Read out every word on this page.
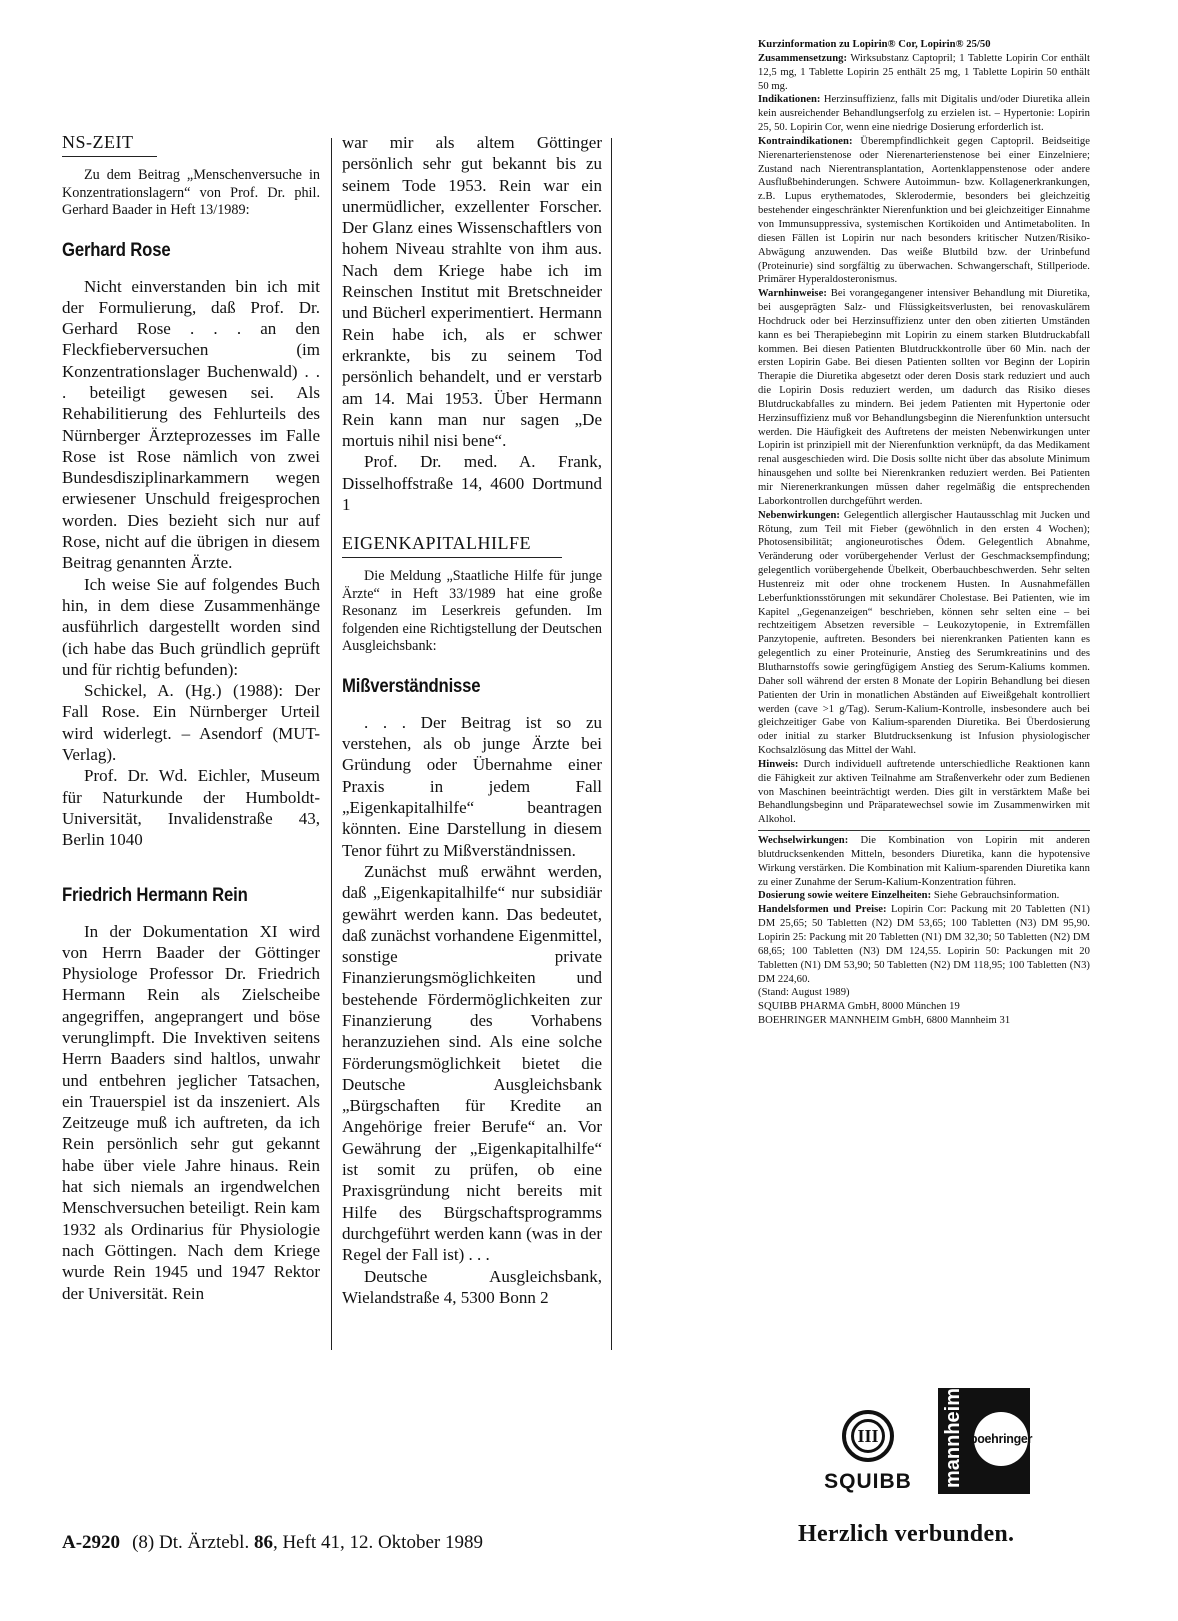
NS-ZEIT

Zu dem Beitrag „Menschenversuche in Konzentrationslagern“ von Prof. Dr. phil. Gerhard Baader in Heft 13/1989:

Gerhard Rose

Nicht einverstanden bin ich mit der Formulierung, daß Prof. Dr. Gerhard Rose . . . an den Fleckfieberversuchen (im Konzentrationslager Buchenwald) . . . beteiligt gewesen sei. Als Rehabilitierung des Fehlurteils des Nürnberger Ärzteprozesses im Falle Rose ist Rose nämlich von zwei Bundesdisziplinarkammern wegen erwiesener Unschuld freigesprochen worden. Dies bezieht sich nur auf Rose, nicht auf die übrigen in diesem Beitrag genannten Ärzte.

Ich weise Sie auf folgendes Buch hin, in dem diese Zusammenhänge ausführlich dargestellt worden sind (ich habe das Buch gründlich geprüft und für richtig befunden):

Schickel, A. (Hg.) (1988): Der Fall Rose. Ein Nürnberger Urteil wird widerlegt. – Asendorf (MUT-Verlag).

Prof. Dr. Wd. Eichler, Museum für Naturkunde der Humboldt-Universität, Invalidenstraße 43, Berlin 1040

Friedrich Hermann Rein

In der Dokumentation XI wird von Herrn Baader der Göttinger Physiologe Professor Dr. Friedrich Hermann Rein als Zielscheibe angegriffen, angeprangert und böse verunglimpft. Die Invektiven seitens Herrn Baaders sind haltlos, unwahr und entbehren jeglicher Tatsachen, ein Trauerspiel ist da inszeniert. Als Zeitzeuge muß ich auftreten, da ich Rein persönlich sehr gut gekannt habe über viele Jahre hinaus. Rein hat sich niemals an irgendwelchen Menschversuchen beteiligt. Rein kam 1932 als Ordinarius für Physiologie nach Göttingen. Nach dem Kriege wurde Rein 1945 und 1947 Rektor der Universität. Rein

war mir als altem Göttinger persönlich sehr gut bekannt bis zu seinem Tode 1953. Rein war ein unermüdlicher, exzellenter Forscher. Der Glanz eines Wissenschaftlers von hohem Niveau strahlte von ihm aus. Nach dem Kriege habe ich im Reinschen Institut mit Bretschneider und Bücherl experimentiert. Hermann Rein habe ich, als er schwer erkrankte, bis zu seinem Tod persönlich behandelt, und er verstarb am 14. Mai 1953. Über Hermann Rein kann man nur sagen „De mortuis nihil nisi bene“.

Prof. Dr. med. A. Frank, Disselhoffstraße 14, 4600 Dortmund 1

EIGENKAPITALHILFE

Die Meldung „Staatliche Hilfe für junge Ärzte“ in Heft 33/1989 hat eine große Resonanz im Leserkreis gefunden. Im folgenden eine Richtigstellung der Deutschen Ausgleichsbank:

Mißverständnisse

. . . Der Beitrag ist so zu verstehen, als ob junge Ärzte bei Gründung oder Übernahme einer Praxis in jedem Fall „Eigenkapitalhilfe“ beantragen könnten. Eine Darstellung in diesem Tenor führt zu Mißverständnissen.

Zunächst muß erwähnt werden, daß „Eigenkapitalhilfe“ nur subsidiär gewährt werden kann. Das bedeutet, daß zunächst vorhandene Eigenmittel, sonstige private Finanzierungsmöglichkeiten und bestehende Fördermöglichkeiten zur Finanzierung des Vorhabens heranzuziehen sind. Als eine solche Förderungsmöglichkeit bietet die Deutsche Ausgleichsbank „Bürgschaften für Kredite an Angehörige freier Berufe“ an. Vor Gewährung der „Eigenkapitalhilfe“ ist somit zu prüfen, ob eine Praxisgründung nicht bereits mit Hilfe des Bürgschaftsprogramms durchgeführt werden kann (was in der Regel der Fall ist) . . .

Deutsche Ausgleichsbank, Wielandstraße 4, 5300 Bonn 2

Kurzinformation zu Lopirin® Cor, Lopirin® 25/50

Zusammensetzung: Wirksubstanz Captopril; 1 Tablette Lopirin Cor enthält 12,5 mg, 1 Tablette Lopirin 25 enthält 25 mg, 1 Tablette Lopirin 50 enthält 50 mg.

Indikationen: Herzinsuffizienz, falls mit Digitalis und/oder Diuretika allein kein ausreichender Behandlungserfolg zu erzielen ist. – Hypertonie: Lopirin 25, 50. Lopirin Cor, wenn eine niedrige Dosierung erforderlich ist.

Kontraindikationen: Überempfindlichkeit gegen Captopril. Beidseitige Nierenarterienstenose oder Nierenarterienstenose bei einer Einzelniere; Zustand nach Nierentransplantation, Aortenklappenstenose oder andere Ausflußbehinderungen. Schwere Autoimmun- bzw. Kollagenerkrankungen, z.B. Lupus erythematodes, Sklerodermie, besonders bei gleichzeitig bestehender eingeschränkter Nierenfunktion und bei gleichzeitiger Einnahme von Immunsuppressiva, systemischen Kortikoiden und Antimetaboliten. In diesen Fällen ist Lopirin nur nach besonders kritischer Nutzen/Risiko-Abwägung anzuwenden. Das weiße Blutbild bzw. der Urinbefund (Proteinurie) sind sorgfältig zu überwachen. Schwangerschaft, Stillperiode. Primärer Hyperaldosteronismus.

Warnhinweise: Bei vorangegangener intensiver Behandlung mit Diuretika, bei ausgeprägten Salz- und Flüssigkeitsverlusten, bei renovaskulärem Hochdruck oder bei Herzinsuffizienz unter den oben zitierten Umständen kann es bei Therapiebeginn mit Lopirin zu einem starken Blutdruckabfall kommen. Bei diesen Patienten Blutdruckkontrolle über 60 Min. nach der ersten Lopirin Gabe. Bei diesen Patienten sollten vor Beginn der Lopirin Therapie die Diuretika abgesetzt oder deren Dosis stark reduziert und auch die Lopirin Dosis reduziert werden, um dadurch das Risiko dieses Blutdruckabfalles zu mindern. Bei jedem Patienten mit Hypertonie oder Herzinsuffizienz muß vor Behandlungsbeginn die Nierenfunktion untersucht werden. Die Häufigkeit des Auftretens der meisten Nebenwirkungen unter Lopirin ist prinzipiell mit der Nierenfunktion verknüpft, da das Medikament renal ausgeschieden wird. Die Dosis sollte nicht über das absolute Minimum hinausgehen und sollte bei Nierenkranken reduziert werden. Bei Patienten mir Nierenerkrankungen müssen daher regelmäßig die entsprechenden Laborkontrollen durchgeführt werden.

Nebenwirkungen: Gelegentlich allergischer Hautausschlag mit Jucken und Rötung, zum Teil mit Fieber (gewöhnlich in den ersten 4 Wochen); Photosensibilität; angioneurotisches Ödem. Gelegentlich Abnahme, Veränderung oder vorübergehender Verlust der Geschmacksempfindung; gelegentlich vorübergehende Übelkeit, Oberbauchbeschwerden. Sehr selten Hustenreiz mit oder ohne trockenem Husten. In Ausnahmefällen Leberfunktionsstörungen mit sekundärer Cholestase. Bei Patienten, wie im Kapitel „Gegenanzeigen“ beschrieben, können sehr selten eine – bei rechtzeitigem Absetzen reversible – Leukozytopenie, in Extremfällen Panzytopenie, auftreten. Besonders bei nierenkranken Patienten kann es gelegentlich zu einer Proteinurie, Anstieg des Serumkreatinins und des Blutharnstoffs sowie geringfügigem Anstieg des Serum-Kaliums kommen. Daher soll während der ersten 8 Monate der Lopirin Behandlung bei diesen Patienten der Urin in monatlichen Abständen auf Eiweißgehalt kontrolliert werden (cave >1 g/Tag). Serum-Kalium-Kontrolle, insbesondere auch bei gleichzeitiger Gabe von Kalium-sparenden Diuretika. Bei Überdosierung oder initial zu starker Blutdrucksenkung ist Infusion physiologischer Kochsalzlösung das Mittel der Wahl.

Hinweis: Durch individuell auftretende unterschiedliche Reaktionen kann die Fähigkeit zur aktiven Teilnahme am Straßenverkehr oder zum Bedienen von Maschinen beeinträchtigt werden. Dies gilt in verstärktem Maße bei Behandlungsbeginn und Präparatewechsel sowie im Zusammenwirken mit Alkohol.

Wechselwirkungen: Die Kombination von Lopirin mit anderen blutdrucksenkenden Mitteln, besonders Diuretika, kann die hypotensive Wirkung verstärken. Die Kombination mit Kalium-sparenden Diuretika kann zu einer Zunahme der Serum-Kalium-Konzentration führen.

Dosierung sowie weitere Einzelheiten: Siehe Gebrauchsinformation.

Handelsformen und Preise: Lopirin Cor: Packung mit 20 Tabletten (N1) DM 25,65; 50 Tabletten (N2) DM 53,65; 100 Tabletten (N3) DM 95,90. Lopirin 25: Packung mit 20 Tabletten (N1) DM 32,30; 50 Tabletten (N2) DM 68,65; 100 Tabletten (N3) DM 124,55. Lopirin 50: Packungen mit 20 Tabletten (N1) DM 53,90; 50 Tabletten (N2) DM 118,95; 100 Tabletten (N3) DM 224,60.

(Stand: August 1989)

SQUIBB PHARMA GmbH, 8000 München 19

BOEHRINGER MANNHEIM GmbH, 6800 Mannheim 31

III
SQUIBB mannheim boehringer
Herzlich verbunden.
A-2920 (8) Dt. Ärztebl. 86, Heft 41, 12. Oktober 1989
